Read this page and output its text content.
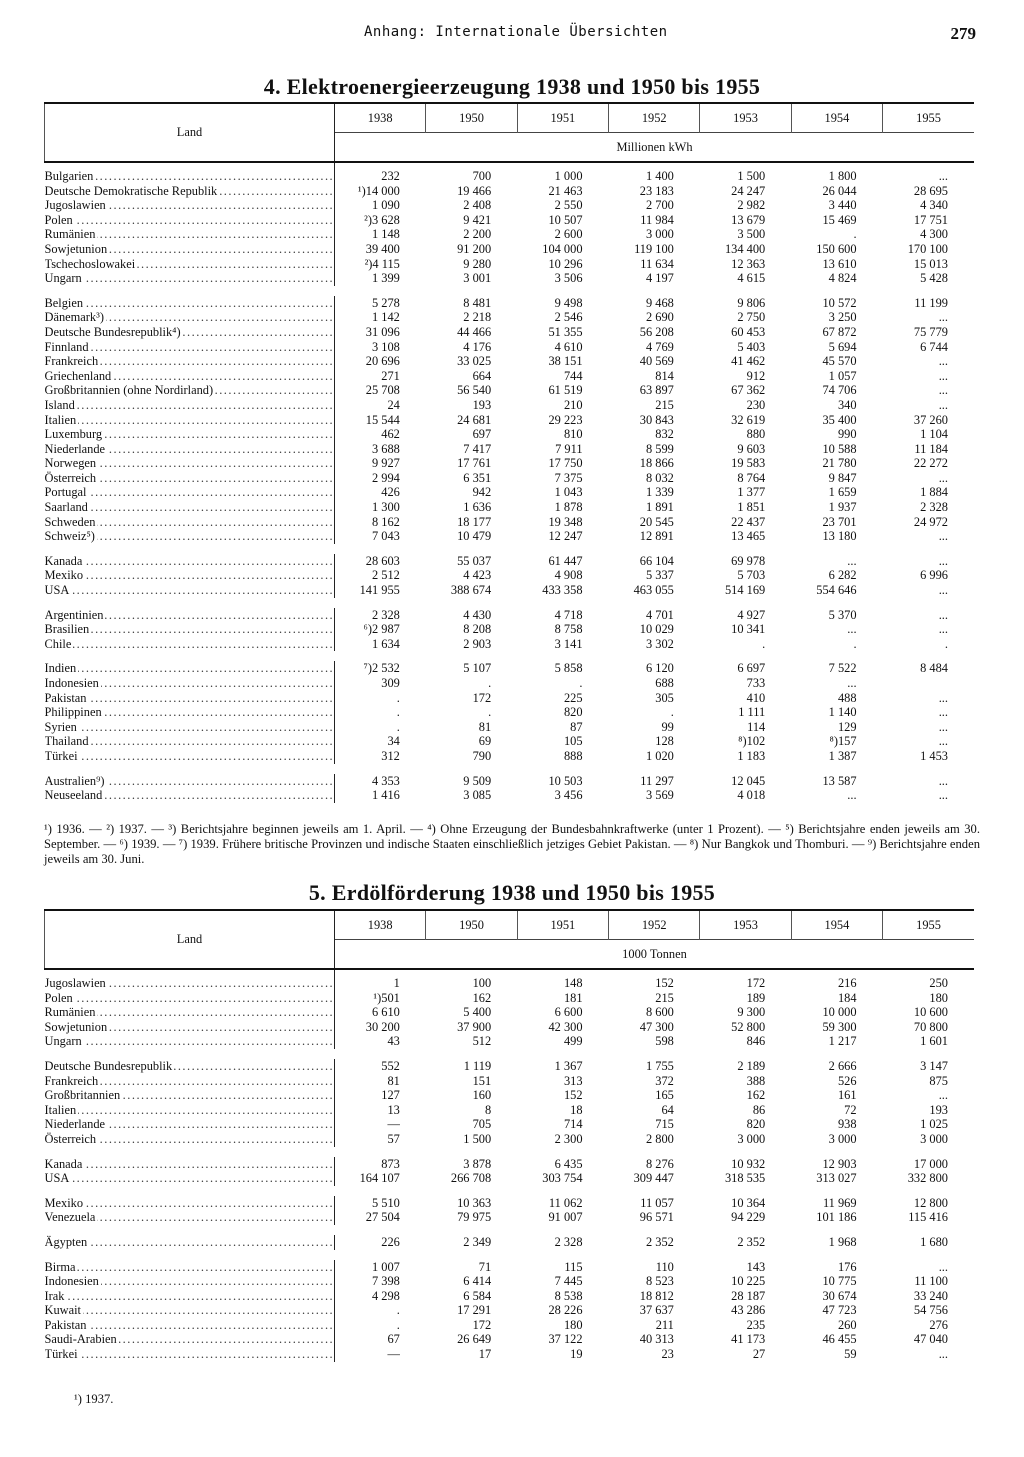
Anhang: Internationale Übersichten	279
4. Elektroenergieerzeugung 1938 und 1950 bis 1955
Land	1938	1950	1951	1952	1953	1954	1955
	Millionen kWh						

Bulgarien .....	232	700	1 000	1 400	1 500	1 800	...

Deutsche Demokratische Republik .....	¹)14 000	19 466	21 463	23 183	24 247	26 044	28 695

Jugoslawien .....	1 090	2 408	2 550	2 700	2 982	3 440	4 340

Polen .....	²)3 628	9 421	10 507	11 984	13 679	15 469	17 751

Rumänien .....	1 148	2 200	2 600	3 000	3 500	.	4 300

Sowjetunion .....	39 400	91 200	104 000	119 100	134 400	150 600	170 100

Tschechoslowakei .....	²)4 115	9 280	10 296	11 634	12 363	13 610	15 013

Ungarn .....	1 399	3 001	3 506	4 197	4 615	4 824	5 428

Belgien .....	5 278	8 481	9 498	9 468	9 806	10 572	11 199

Dänemark³) .....	1 142	2 218	2 546	2 690	2 750	3 250	...

Deutsche Bundesrepublik⁴) .....	31 096	44 466	51 355	56 208	60 453	67 872	75 779

Finnland .....	3 108	4 176	4 610	4 769	5 403	5 694	6 744

Frankreich .....	20 696	33 025	38 151	40 569	41 462	45 570	...

Griechenland .....	271	664	744	814	912	1 057	...

Großbritannien (ohne Nordirland) .....	25 708	56 540	61 519	63 897	67 362	74 706	...

Island .....	24	193	210	215	230	340	...

Italien .....	15 544	24 681	29 223	30 843	32 619	35 400	37 260

Luxemburg .....	462	697	810	832	880	990	1 104

Niederlande .....	3 688	7 417	7 911	8 599	9 603	10 588	11 184

Norwegen .....	9 927	17 761	17 750	18 866	19 583	21 780	22 272

Österreich .....	2 994	6 351	7 375	8 032	8 764	9 847	...

Portugal .....	426	942	1 043	1 339	1 377	1 659	1 884

Saarland .....	1 300	1 636	1 878	1 891	1 851	1 937	2 328

Schweden .....	8 162	18 177	19 348	20 545	22 437	23 701	24 972

Schweiz⁵) .....	7 043	10 479	12 247	12 891	13 465	13 180	...

Kanada .....	28 603	55 037	61 447	66 104	69 978	...	...

Mexiko .....	2 512	4 423	4 908	5 337	5 703	6 282	6 996

USA .....	141 955	388 674	433 358	463 055	514 169	554 646	...

Argentinien .....	2 328	4 430	4 718	4 701	4 927	5 370	...

Brasilien .....	⁶)2 987	8 208	8 758	10 029	10 341	...	...

Chile .....	1 634	2 903	3 141	3 302	.	.	.

Indien .....	⁷)2 532	5 107	5 858	6 120	6 697	7 522	8 484

Indonesien .....	309	.	.	688	733	...	

Pakistan .....	.	172	225	305	410	488	...

Philippinen .....	.	.	820	.	1 111	1 140	...

Syrien .....	.	81	87	99	114	129	...

Thailand .....	34	69	105	128	⁸)102	⁸)157	...

Türkei .....	312	790	888	1 020	1 183	1 387	1 453

Australien⁹) .....	4 353	9 509	10 503	11 297	12 045	13 587	...

Neuseeland .....	1 416	3 085	3 456	3 569	4 018	...	...
¹) 1936. — ²) 1937. — ³) Berichtsjahre beginnen jeweils am 1. April. — ⁴) Ohne Erzeugung der Bundesbahnkraftwerke (unter 1 Prozent). — ⁵) Berichtsjahre enden jeweils am 30. September. — ⁶) 1939. — ⁷) 1939. Frühere britische Provinzen und indische Staaten einschließlich jetziges Gebiet Pakistan. — ⁸) Nur Bangkok und Thomburi. — ⁹) Berichtsjahre enden jeweils am 30. Juni.
5. Erdölförderung 1938 und 1950 bis 1955
Land	1938	1950	1951	1952	1953	1954	1955
	1000 Tonnen						

Jugoslawien .....	1	100	148	152	172	216	250

Polen .....	¹)501	162	181	215	189	184	180

Rumänien .....	6 610	5 400	6 600	8 600	9 300	10 000	10 600

Sowjetunion .....	30 200	37 900	42 300	47 300	52 800	59 300	70 800

Ungarn .....	43	512	499	598	846	1 217	1 601

Deutsche Bundesrepublik .....	552	1 119	1 367	1 755	2 189	2 666	3 147

Frankreich .....	81	151	313	372	388	526	875

Großbritannien .....	127	160	152	165	162	161	...

Italien .....	13	8	18	64	86	72	193

Niederlande .....	—	705	714	715	820	938	1 025

Österreich .....	57	1 500	2 300	2 800	3 000	3 000	3 000

Kanada .....	873	3 878	6 435	8 276	10 932	12 903	17 000

USA .....	164 107	266 708	303 754	309 447	318 535	313 027	332 800

Mexiko .....	5 510	10 363	11 062	11 057	10 364	11 969	12 800

Venezuela .....	27 504	79 975	91 007	96 571	94 229	101 186	115 416

Ägypten .....	226	2 349	2 328	2 352	2 352	1 968	1 680

Birma .....	1 007	71	115	110	143	176	...

Indonesien .....	7 398	6 414	7 445	8 523	10 225	10 775	11 100

Irak .....	4 298	6 584	8 538	18 812	28 187	30 674	33 240

Kuwait .....	.	17 291	28 226	37 637	43 286	47 723	54 756

Pakistan .....	.	172	180	211	235	260	276

Saudi-Arabien .....	67	26 649	37 122	40 313	41 173	46 455	47 040

Türkei .....	—	17	19	23	27	59	...
¹) 1937.
